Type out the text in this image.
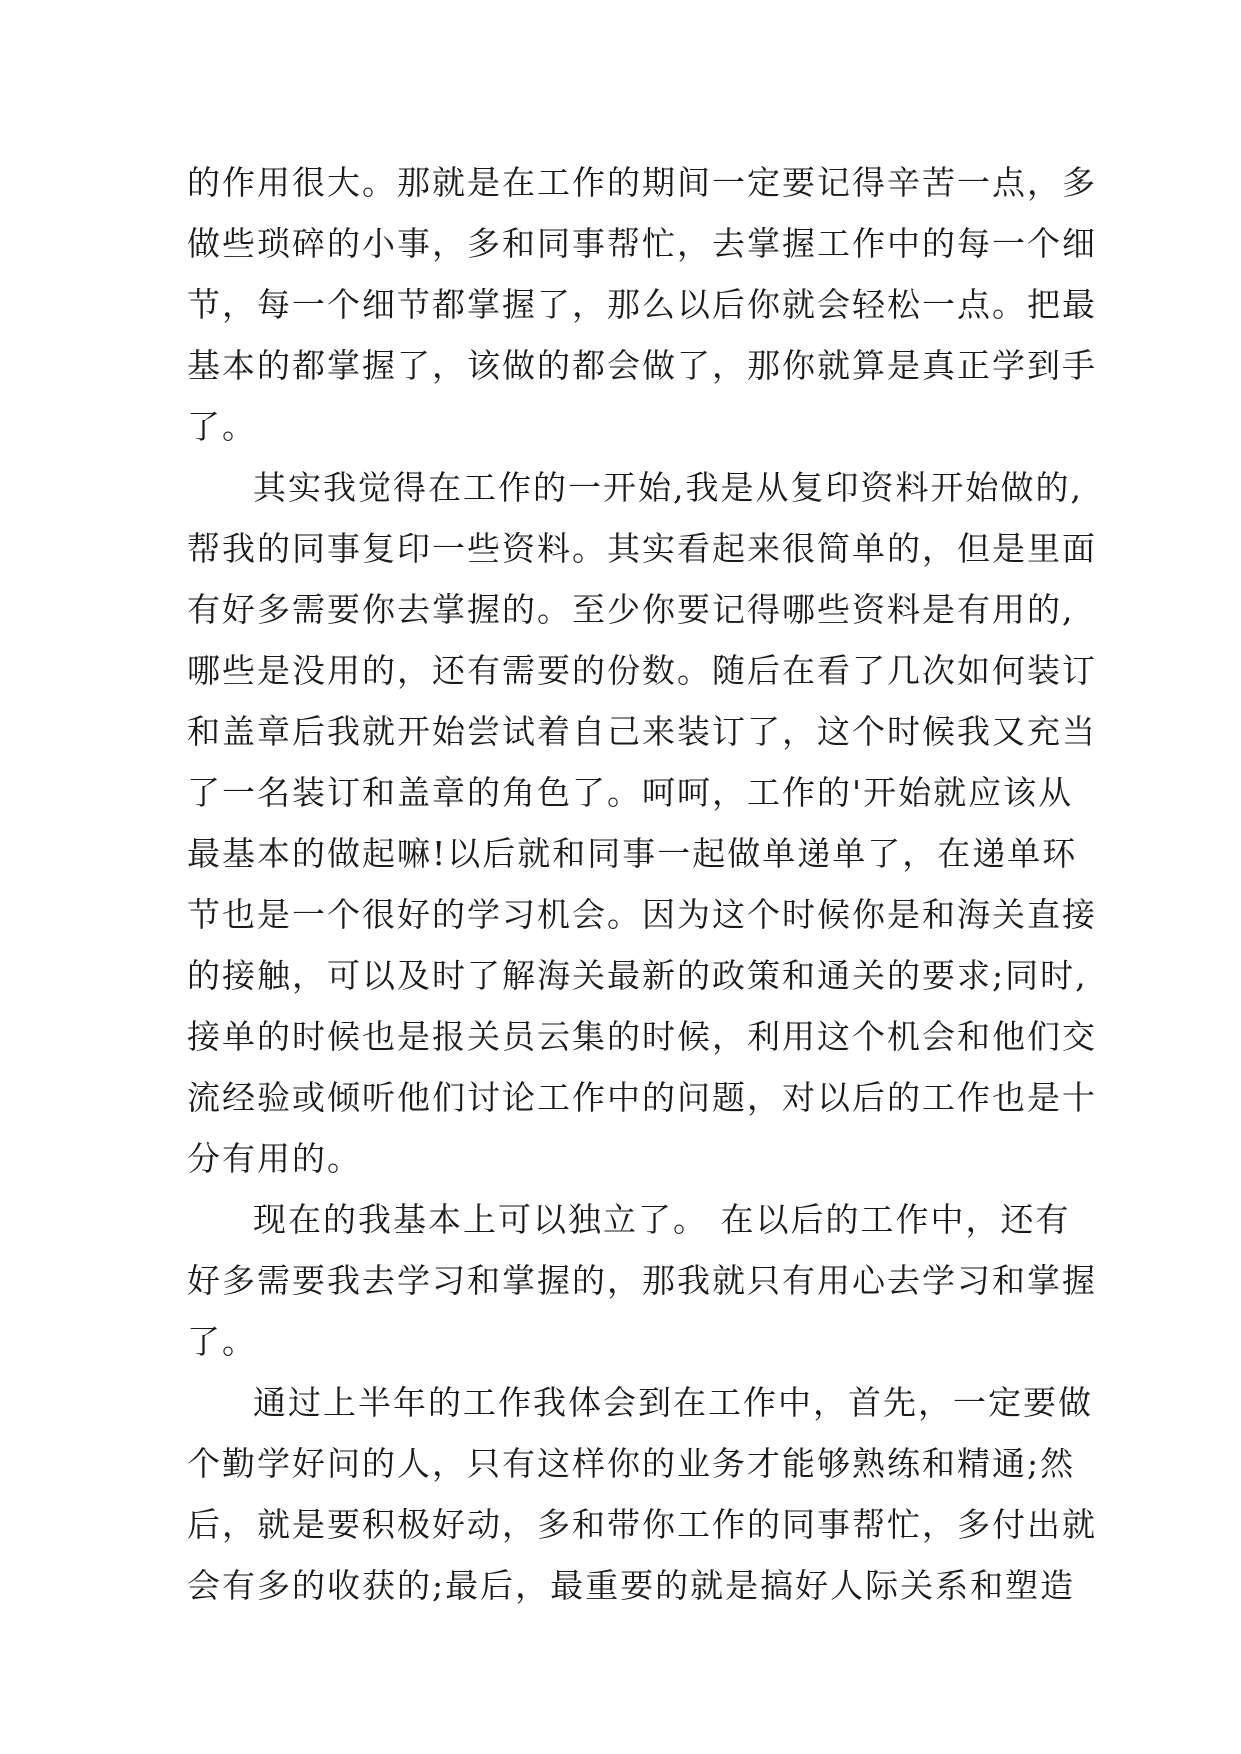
的作用很大。那就是在工作的期间一定要记得辛苦一点，多
做些琐碎的小事，多和同事帮忙，去掌握工作中的每一个细
节，每一个细节都掌握了，那么以后你就会轻松一点。把最
基本的都掌握了，该做的都会做了，那你就算是真正学到手
了。
其实我觉得在工作的一开始,我是从复印资料开始做的,
帮我的同事复印一些资料。其实看起来很简单的，但是里面
有好多需要你去掌握的。至少你要记得哪些资料是有用的,
哪些是没用的，还有需要的份数。随后在看了几次如何装订
和盖章后我就开始尝试着自己来装订了，这个时候我又充当
了一名装订和盖章的角色了。呵呵，工作的'开始就应该从
最基本的做起嘛!以后就和同事一起做单递单了，在递单环
节也是一个很好的学习机会。因为这个时候你是和海关直接
的接触，可以及时了解海关最新的政策和通关的要求;同时,
接单的时候也是报关员云集的时候，利用这个机会和他们交
流经验或倾听他们讨论工作中的问题，对以后的工作也是十
分有用的。
现在的我基本上可以独立了。 在以后的工作中，还有
好多需要我去学习和掌握的，那我就只有用心去学习和掌握
了。
通过上半年的工作我体会到在工作中，首先，一定要做
个勤学好问的人，只有这样你的业务才能够熟练和精通;然
后，就是要积极好动，多和带你工作的同事帮忙，多付出就
会有多的收获的;最后，最重要的就是搞好人际关系和塑造
